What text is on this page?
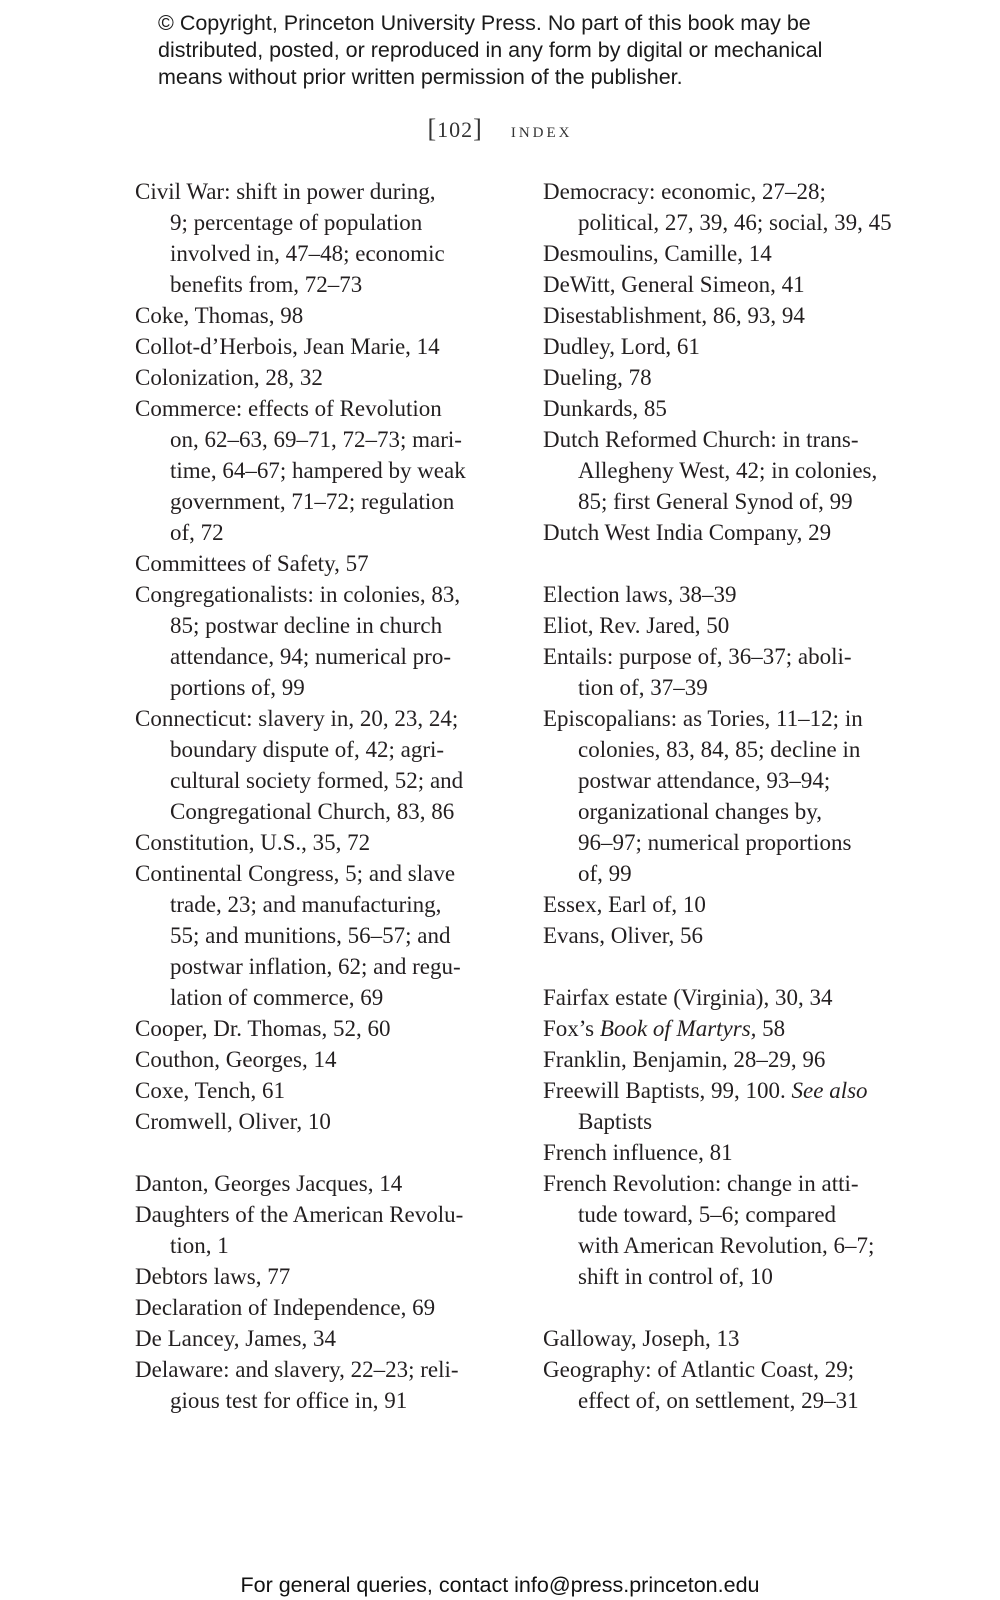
© Copyright, Princeton University Press. No part of this book may be
distributed, posted, or reproduced in any form by digital or mechanical
means without prior written permission of the publisher.
[102] index
Civil War: shift in power during,
9; percentage of population
involved in, 47–48; economic
benefits from, 72–73
Coke, Thomas, 98
Collot-d’Herbois, Jean Marie, 14
Colonization, 28, 32
Commerce: effects of Revolution
on, 62–63, 69–71, 72–73; mari-
time, 64–67; hampered by weak
government, 71–72; regulation
of, 72
Committees of Safety, 57
Congregationalists: in colonies, 83,
85; postwar decline in church
attendance, 94; numerical pro-
portions of, 99
Connecticut: slavery in, 20, 23, 24;
boundary dispute of, 42; agri-
cultural society formed, 52; and
Congregational Church, 83, 86
Constitution, U.S., 35, 72
Continental Congress, 5; and slave
trade, 23; and manufacturing,
55; and munitions, 56–57; and
postwar inflation, 62; and regu-
lation of commerce, 69
Cooper, Dr. Thomas, 52, 60
Couthon, Georges, 14
Coxe, Tench, 61
Cromwell, Oliver, 10
Danton, Georges Jacques, 14
Daughters of the American Revolu-
tion, 1
Debtors laws, 77
Declaration of Independence, 69
De Lancey, James, 34
Delaware: and slavery, 22–23; reli-
gious test for office in, 91
Democracy: economic, 27–28;
political, 27, 39, 46; social, 39, 45
Desmoulins, Camille, 14
DeWitt, General Simeon, 41
Disestablishment, 86, 93, 94
Dudley, Lord, 61
Dueling, 78
Dunkards, 85
Dutch Reformed Church: in trans-
Allegheny West, 42; in colonies,
85; first General Synod of, 99
Dutch West India Company, 29
Election laws, 38–39
Eliot, Rev. Jared, 50
Entails: purpose of, 36–37; aboli-
tion of, 37–39
Episcopalians: as Tories, 11–12; in
colonies, 83, 84, 85; decline in
postwar attendance, 93–94;
organizational changes by,
96–97; numerical proportions
of, 99
Essex, Earl of, 10
Evans, Oliver, 56
Fairfax estate (Virginia), 30, 34
Fox’s Book of Martyrs, 58
Franklin, Benjamin, 28–29, 96
Freewill Baptists, 99, 100. See also
Baptists
French influence, 81
French Revolution: change in atti-
tude toward, 5–6; compared
with American Revolution, 6–7;
shift in control of, 10
Galloway, Joseph, 13
Geography: of Atlantic Coast, 29;
effect of, on settlement, 29–31
For general queries, contact info@press.princeton.edu
